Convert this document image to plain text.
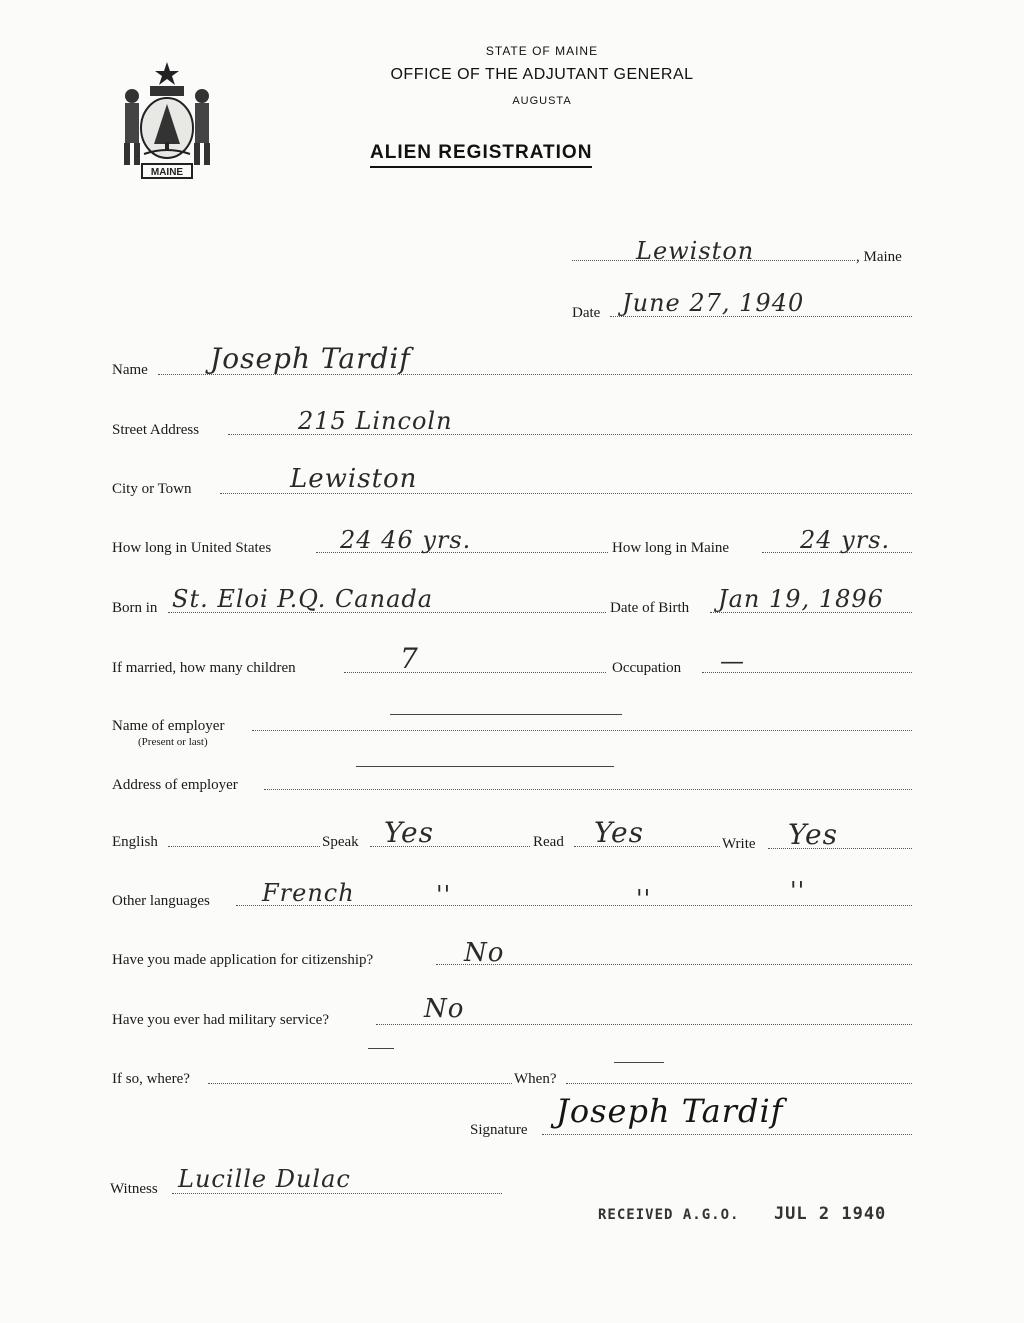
MAINE
STATE OF MAINE
OFFICE OF THE ADJUTANT GENERAL
AUGUSTA
ALIEN REGISTRATION
Lewiston	, Maine
Date June 27, 1940
Name Joseph Tardif
Street Address	215 Lincoln
City or Town	Lewiston
How long in United States	24 46 yrs.	How long in Maine	24 yrs.
Born in St. Eloi P.Q. Canada	Date of Birth Jan 19, 1896
If married, how many children	7	Occupation —
Name of employer
(Present or last)
Address of employer
English	Speak Yes	Read Yes	Write Yes
Other languages French	''	''	''
Have you made application for citizenship?	No
Have you ever had military service?	No
If so, where?	When?
Signature Joseph Tardif
Witness Lucille Dulac
RECEIVED A.G.O. JUL 2 1940
